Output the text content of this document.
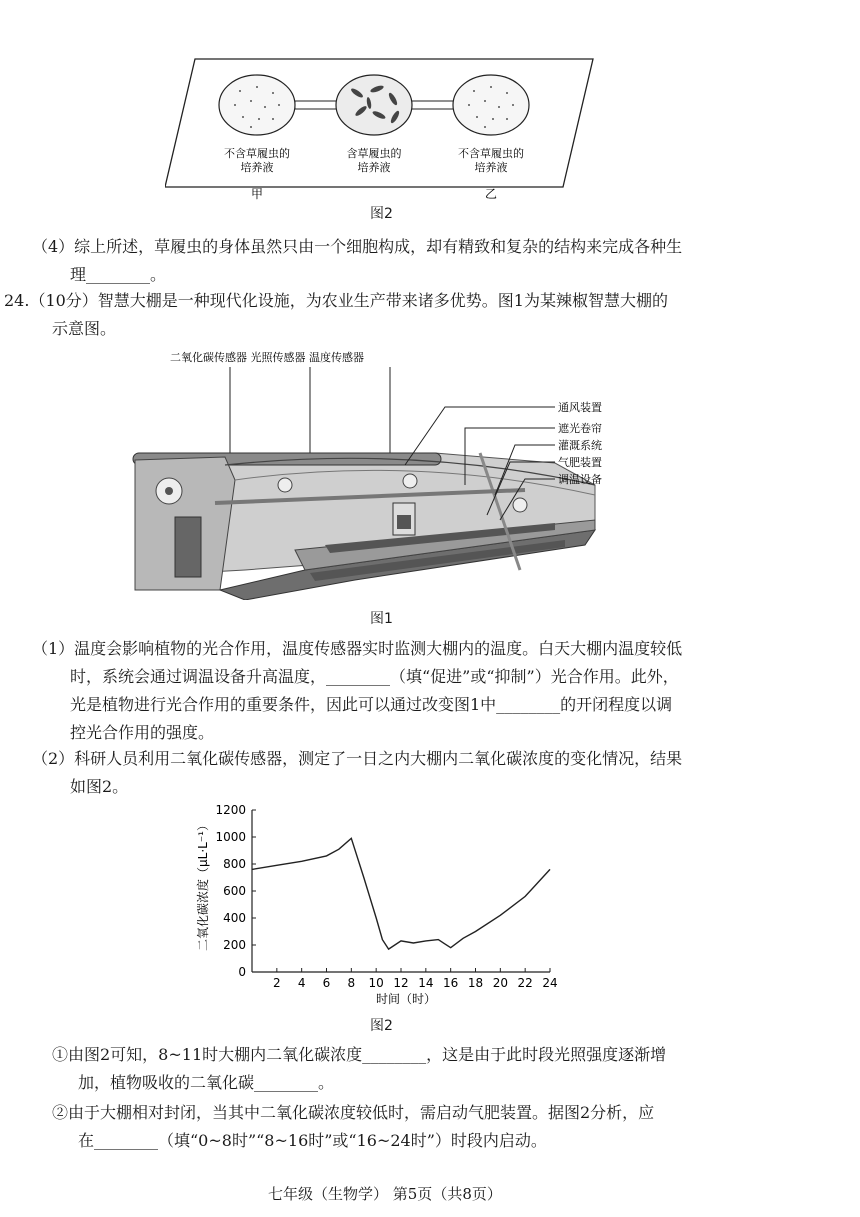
不含草履虫的
培养液
含草履虫的
培养液
不含草履虫的
培养液
甲	乙
图2
（4）综上所述，草履虫的身体虽然只由一个细胞构成，却有精致和复杂的结构来完成各种生
理________。
24.（10分）智慧大棚是一种现代化设施，为农业生产带来诸多优势。图1为某辣椒智慧大棚的
示意图。
二氧化碳传感器 光照传感器 温度传感器
通风装置
遮光卷帘
灌溉系统
气肥装置
调温设备
图1
（1）温度会影响植物的光合作用，温度传感器实时监测大棚内的温度。白天大棚内温度较低
时，系统会通过调温设备升高温度，________（填“促进”或“抑制”）光合作用。此外，
光是植物进行光合作用的重要条件，因此可以通过改变图1中________的开闭程度以调
控光合作用的强度。
（2）科研人员利用二氧化碳传感器，测定了一日之内大棚内二氧化碳浓度的变化情况，结果
如图2。
0
200
400
600
800
1000
1200
2 4 6 8 10 12 14 16 18 20 22 24
时间（时）
二氧化碳浓度（μL·L⁻¹）
图2
①由图2可知，8~11时大棚内二氧化碳浓度________，这是由于此时段光照强度逐渐增
加，植物吸收的二氧化碳________。
②由于大棚相对封闭，当其中二氧化碳浓度较低时，需启动气肥装置。据图2分析，应
在________（填“0~8时”“8~16时”或“16~24时”）时段内启动。
七年级（生物学） 第5页（共8页）
